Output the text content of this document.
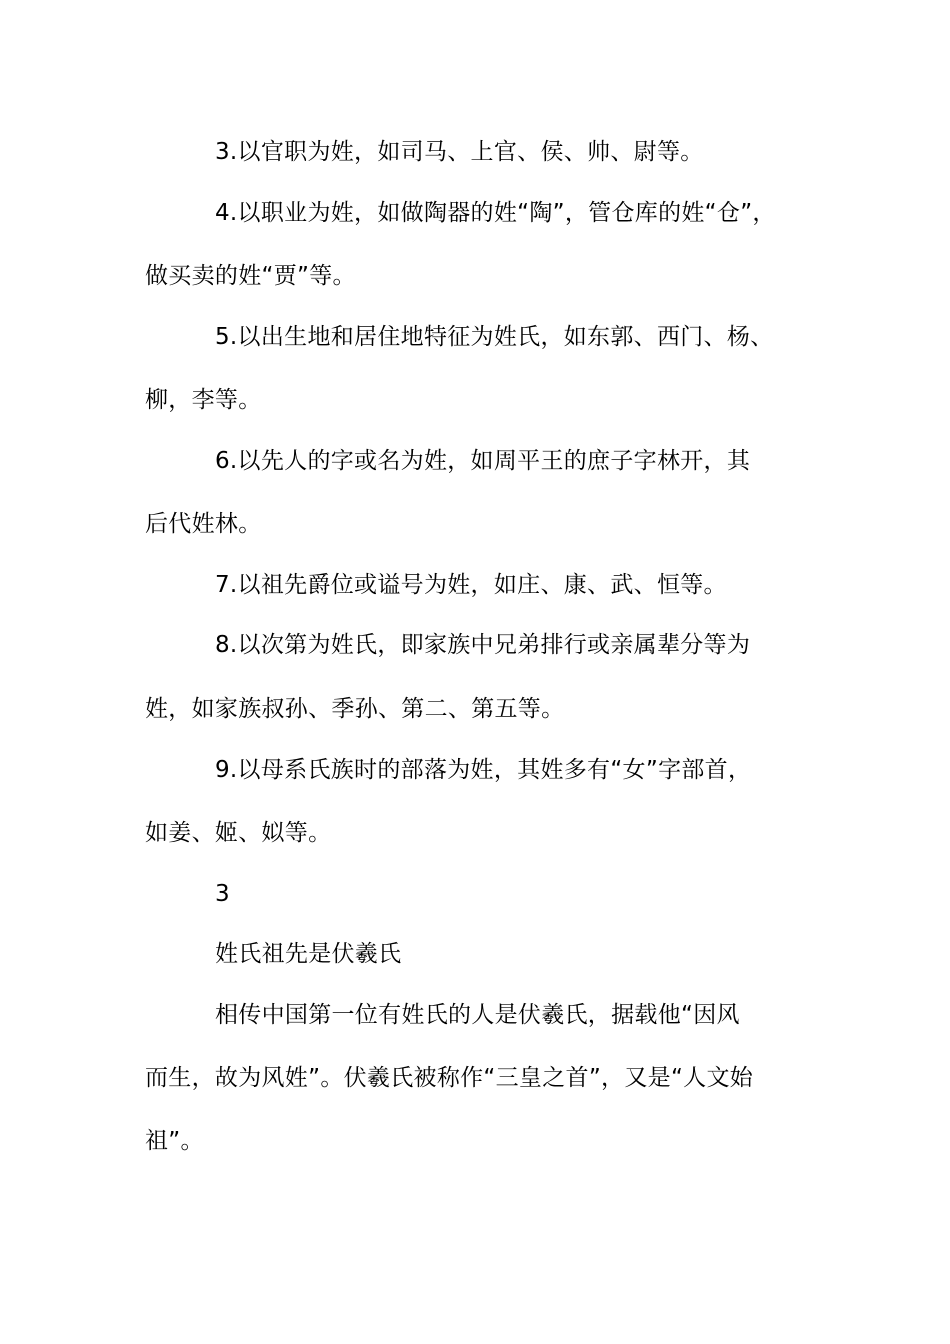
3.以官职为姓，如司马、上官、侯、帅、尉等。
4.以职业为姓，如做陶器的姓“陶”，管仓库的姓“仓”，
做买卖的姓“贾”等。
5.以出生地和居住地特征为姓氏，如东郭、西门、杨、
柳，李等。
6.以先人的字或名为姓，如周平王的庶子字林开，其
后代姓林。
7.以祖先爵位或谥号为姓，如庄、康、武、恒等。
8.以次第为姓氏，即家族中兄弟排行或亲属辈分等为
姓，如家族叔孙、季孙、第二、第五等。
9.以母系氏族时的部落为姓，其姓多有“女”字部首，
如姜、姬、姒等。
3
姓氏祖先是伏羲氏
相传中国第一位有姓氏的人是伏羲氏，据载他“因风
而生，故为风姓”。伏羲氏被称作“三皇之首”，又是“人文始
祖”。
